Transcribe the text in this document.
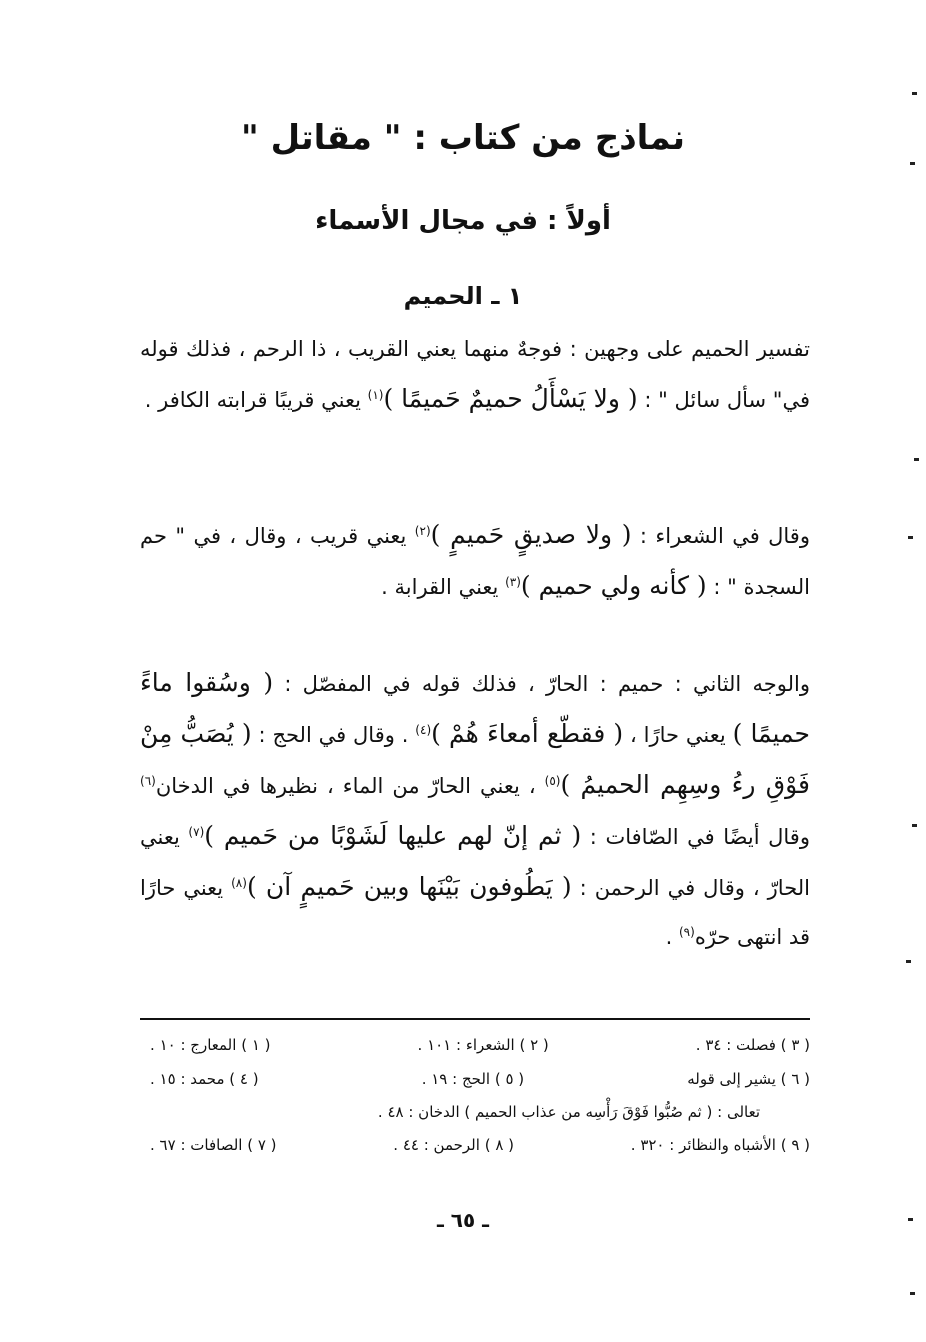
نماذج من كتاب : " مقاتل "
أولاً : في مجال الأسماء
١ ـ الحميم
تفسير الحميم على وجهين : فوجهٌ منهما يعني القريب ، ذا الرحم ، فذلك قوله في" سأل سائل " : ( ولا يَسْأَلُ حميمٌ حَميمًا )$^{(١)}$ يعني قريبًا قرابته الكافر .
وقال في الشعراء : ( ولا صديقٍ حَميمٍ )$^{(٢)}$ يعني قريب ، وقال ، في " حم السجدة " : ( كأنه ولي حميم )$^{(٣)}$ يعني القرابة .
والوجه الثاني : حميم : الحارّ ، فذلك قوله في المفصّل : ( وسُقوا ماءً حميمًا ) يعني حارًا ، ( فقطّع أمعاءَ هُمْ )$^{(٤)}$ . وقال في الحج : ( يُصَبُّ مِنْ فَوْقِ رءُ وسِهِم الحميمُ )$^{(٥)}$ ، يعني الحارّ من الماء ، نظيرها في الدخان$^{(٦)}$ وقال أيضًا في الصّافات : ( ثم إنّ لهم عليها لَشَوْبًا من حَميم )$^{(٧)}$ يعني الحارّ ، وقال في الرحمن : ( يَطُوفون بَيْنَها وبين حَميمٍ آن )$^{(٨)}$ يعني حارًا قد انتهى حرّه$^{(٩)}$ .
( ١ ) المعارج : ١٠ .	( ٢ ) الشعراء : ١٠١ .	( ٣ ) فصلت : ٣٤ .
( ٤ ) محمد : ١٥ .	( ٥ ) الحج : ١٩ .	( ٦ ) يشير إلى قوله
تعالى : ( ثم صُبُّوا فَوْقَ رَأْسِه من عذاب الحميم ) الدخان : ٤٨ .
( ٧ ) الصافات : ٦٧ .	( ٨ ) الرحمن : ٤٤ .	( ٩ ) الأشباه والنظائر : ٣٢٠ .
ـ ٦٥ ـ
